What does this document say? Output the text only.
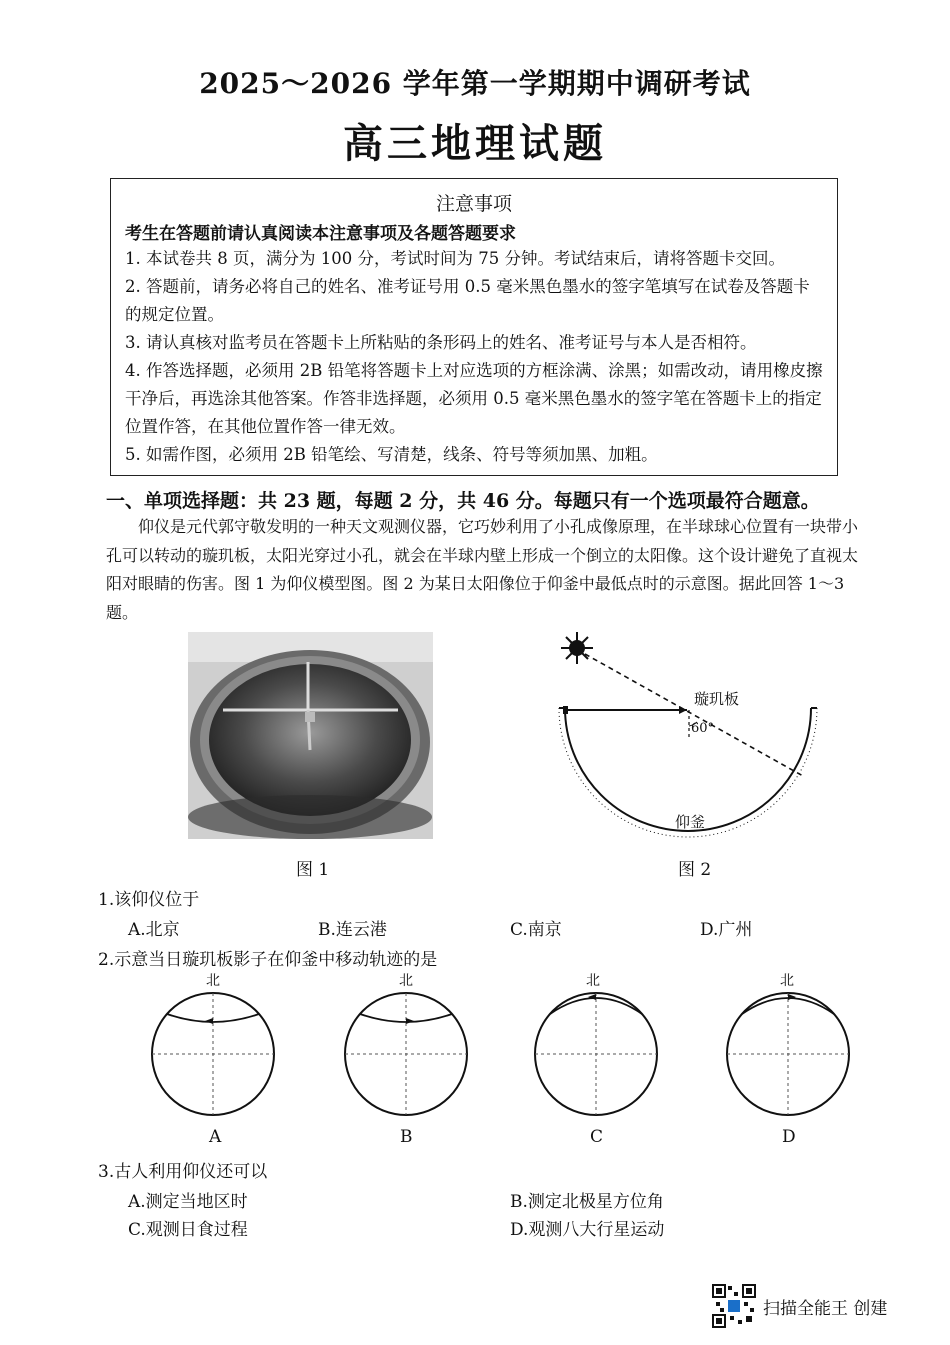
2025～2026 学年第一学期期中调研考试
高三地理试题
注意事项
考生在答题前请认真阅读本注意事项及各题答题要求
1. 本试卷共 8 页，满分为 100 分，考试时间为 75 分钟。考试结束后，请将答题卡交回。
2. 答题前，请务必将自己的姓名、准考证号用 0.5 毫米黑色墨水的签字笔填写在试卷及答题卡的规定位置。
3. 请认真核对监考员在答题卡上所粘贴的条形码上的姓名、准考证号与本人是否相符。
4. 作答选择题，必须用 2B 铅笔将答题卡上对应选项的方框涂满、涂黑；如需改动，请用橡皮擦干净后，再选涂其他答案。作答非选择题，必须用 0.5 毫米黑色墨水的签字笔在答题卡上的指定位置作答，在其他位置作答一律无效。
5. 如需作图，必须用 2B 铅笔绘、写清楚，线条、符号等须加黑、加粗。
一、单项选择题：共 23 题，每题 2 分，共 46 分。每题只有一个选项最符合题意。
仰仪是元代郭守敬发明的一种天文观测仪器，它巧妙利用了小孔成像原理，在半球球心位置有一块带小孔可以转动的璇玑板，太阳光穿过小孔，就会在半球内壁上形成一个倒立的太阳像。这个设计避免了直视太阳对眼睛的伤害。图 1 为仰仪模型图。图 2 为某日太阳像位于仰釜中最低点时的示意图。据此回答 1～3 题。
图 1
璇玑板
60°
仰釜
图 2
1.该仰仪位于
A.北京	B.连云港	C.南京	D.广州
2.示意当日璇玑板影子在仰釜中移动轨迹的是
北
A
北
B
北
C
北
D
3.古人利用仰仪还可以
A.测定当地区时	B.测定北极星方位角
C.观测日食过程	D.观测八大行星运动
扫描全能王 创建
